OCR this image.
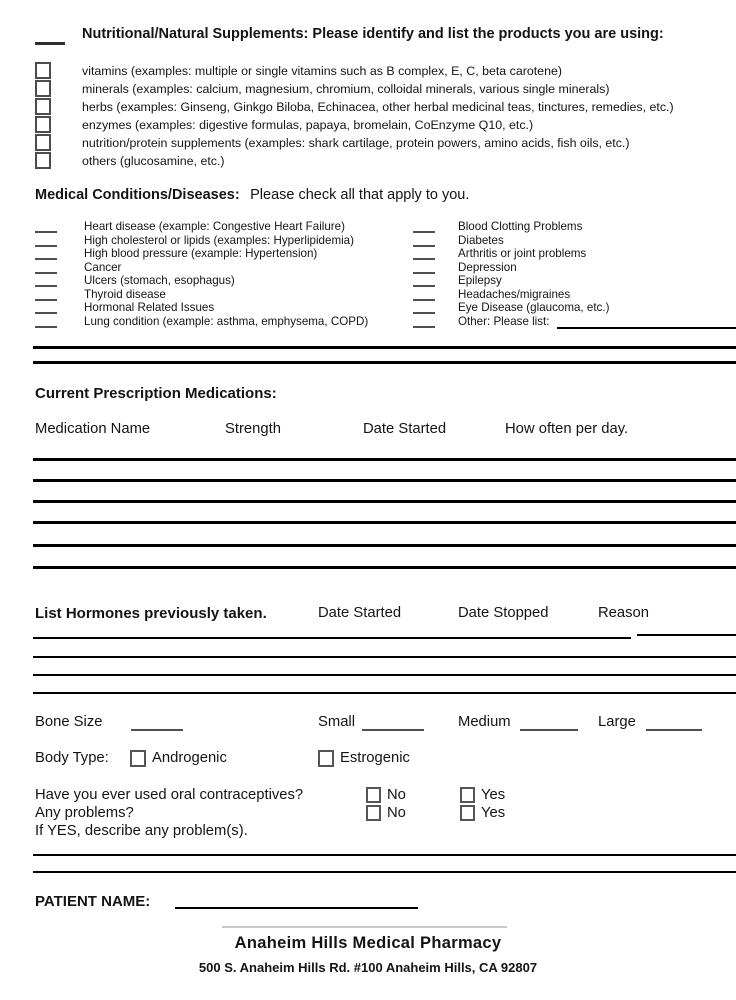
Nutritional/Natural Supplements: Please identify and list the products you are using:
vitamins (examples: multiple or single vitamins such as B complex, E, C, beta carotene)
minerals (examples: calcium, magnesium, chromium, colloidal minerals, various single minerals)
herbs (examples: Ginseng, Ginkgo Biloba, Echinacea, other herbal medicinal teas, tinctures, remedies, etc.)
enzymes (examples: digestive formulas, papaya, bromelain, CoEnzyme Q10, etc.)
nutrition/protein supplements (examples: shark cartilage, protein powers, amino acids, fish oils, etc.)
others (glucosamine, etc.)
Medical Conditions/Diseases: Please check all that apply to you.
Heart disease (example: Congestive Heart Failure)
High cholesterol or lipids (examples: Hyperlipidemia)
High blood pressure (example: Hypertension)
Cancer
Ulcers (stomach, esophagus)
Thyroid disease
Hormonal Related Issues
Lung condition (example: asthma, emphysema, COPD)
Blood Clotting Problems
Diabetes
Arthritis or joint problems
Depression
Epilepsy
Headaches/migraines
Eye Disease (glaucoma, etc.)
Other: Please list:
Current Prescription Medications:
Medication Name	Strength	Date Started	How often per day.
List Hormones previously taken.	Date Started	Date Stopped	Reason
Bone Size	Small	Medium	Large
Body Type:	Androgenic	Estrogenic
Have you ever used oral contraceptives?	No	Yes
Any problems?	No	Yes
If YES, describe any problem(s).
PATIENT NAME:
Anaheim Hills Medical Pharmacy
500 S. Anaheim Hills Rd. #100 Anaheim Hills, CA 92807
